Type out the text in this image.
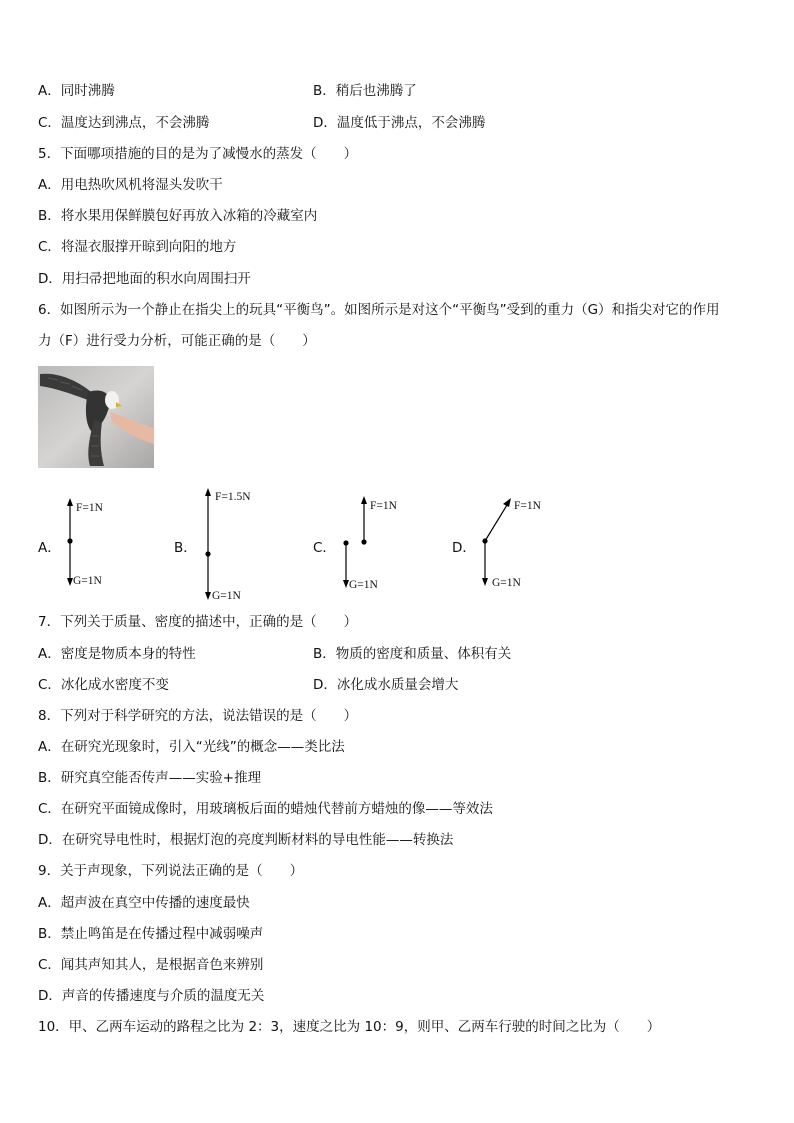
A．同时沸腾	B．稍后也沸腾了
C．温度达到沸点，不会沸腾	D．温度低于沸点，不会沸腾
5．下面哪项措施的目的是为了减慢水的蒸发（　　）
A．用电热吹风机将湿头发吹干
B．将水果用保鲜膜包好再放入冰箱的冷藏室内
C．将湿衣服撑开晾到向阳的地方
D．用扫帚把地面的积水向周围扫开
6．如图所示为一个静止在指尖上的玩具“平衡鸟”。如图所示是对这个“平衡鸟”受到的重力（G）和指尖对它的作用
力（F）进行受力分析，可能正确的是（　　）
A．
F=1N
G=1N
B．
F=1.5N
G=1N
C．
F=1N
G=1N
D．
F=1N
G=1N
7．下列关于质量、密度的描述中，正确的是（　　）
A．密度是物质本身的特性	B．物质的密度和质量、体积有关
C．冰化成水密度不变	D．冰化成水质量会增大
8．下列对于科学研究的方法，说法错误的是（　　）
A．在研究光现象时，引入“光线”的概念——类比法
B．研究真空能否传声——实验+推理
C．在研究平面镜成像时，用玻璃板后面的蜡烛代替前方蜡烛的像——等效法
D．在研究导电性时，根据灯泡的亮度判断材料的导电性能——转换法
9．关于声现象，下列说法正确的是（　　）
A．超声波在真空中传播的速度最快
B．禁止鸣笛是在传播过程中减弱噪声
C．闻其声知其人，是根据音色来辨别
D．声音的传播速度与介质的温度无关
10．甲、乙两车运动的路程之比为 2：3，速度之比为 10：9，则甲、乙两车行驶的时间之比为（　　）
